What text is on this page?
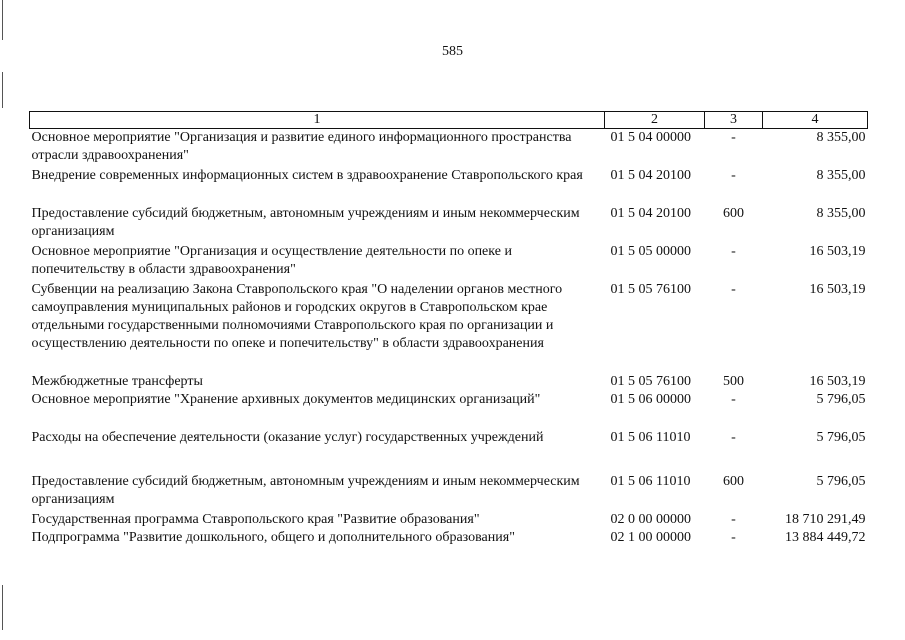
585
1	2	3	4
Основное мероприятие "Организация и развитие единого информационного пространства отрасли здравоохранения"	01 5 04 00000	-	8 355,00
Внедрение современных информационных систем в здравоохранение Ставропольского края	01 5 04 20100	-	8 355,00
Предоставление субсидий бюджетным, автономным учреждениям и иным некоммерческим организациям	01 5 04 20100	600	8 355,00
Основное мероприятие "Организация и осуществление деятельности по опеке и попечительству в области здравоохранения"	01 5 05 00000	-	16 503,19
Субвенции на реализацию Закона Ставропольского края "О наделении органов местного самоуправления муниципальных районов и городских округов в Ставропольском крае отдельными государственными полномочиями Ставропольского края по организации и осуществлению деятельности по опеке и попечительству" в области здравоохранения	01 5 05 76100	-	16 503,19
Межбюджетные трансферты	01 5 05 76100	500	16 503,19
Основное мероприятие "Хранение архивных документов медицинских организаций"	01 5 06 00000	-	5 796,05
Расходы на обеспечение деятельности (оказание услуг) государственных учреждений	01 5 06 11010	-	5 796,05
Предоставление субсидий бюджетным, автономным учреждениям и иным некоммерческим организациям	01 5 06 11010	600	5 796,05
Государственная программа Ставропольского края "Развитие образования"	02 0 00 00000	-	18 710 291,49
Подпрограмма "Развитие дошкольного, общего и дополнительного образования"	02 1 00 00000	-	13 884 449,72
